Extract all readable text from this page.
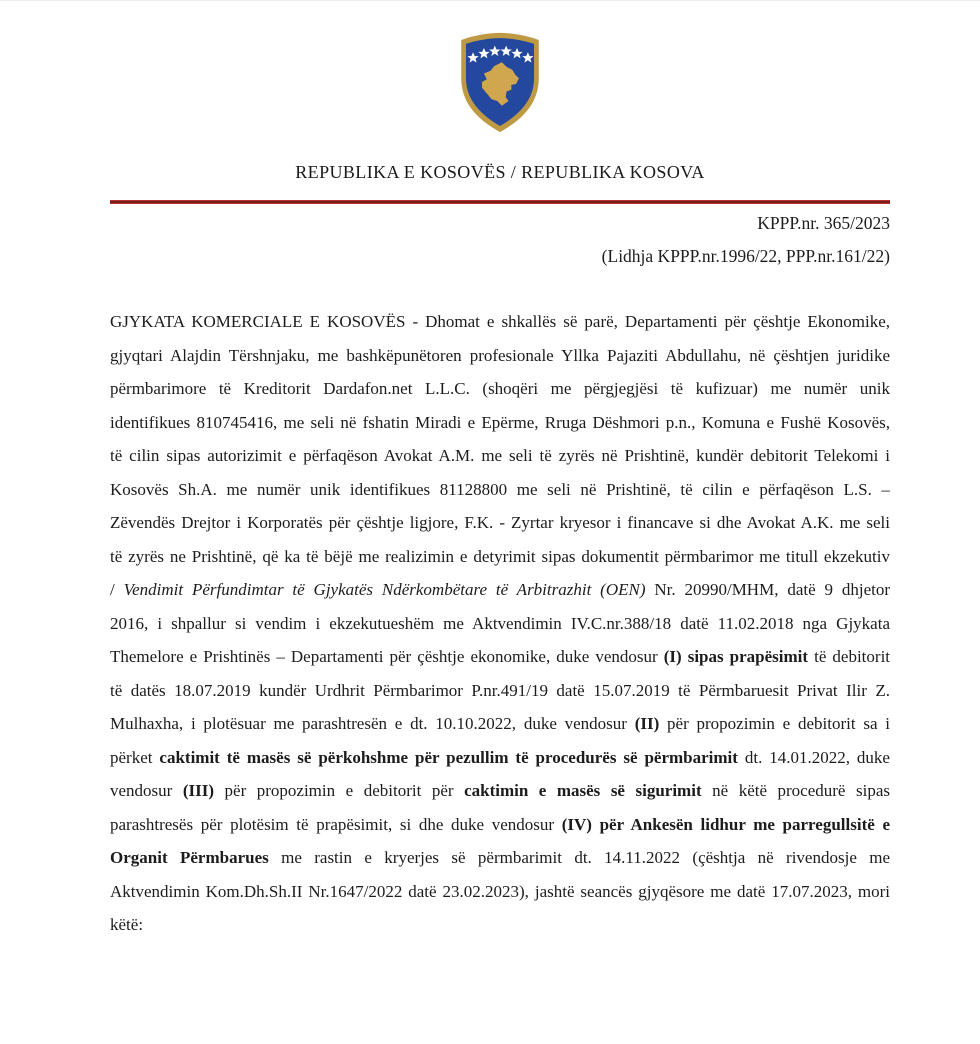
REPUBLIKA E KOSOVËS / REPUBLIKA KOSOVA
KPPP.nr. 365/2023
(Lidhja KPPP.nr.1996/22, PPP.nr.161/22)

GJYKATA KOMERCIALE E KOSOVËS - Dhomat e shkallës së parë, Departamenti për çështje Ekonomike, gjyqtari Alajdin Tërshnjaku, me bashkëpunëtoren profesionale Yllka Pajaziti Abdullahu, në çështjen juridike përmbarimore të Kreditorit Dardafon.net L.L.C. (shoqëri me përgjegjësi të kufizuar) me numër unik identifikues 810745416, me seli në fshatin Miradi e Epërme, Rruga Dëshmori p.n., Komuna e Fushë Kosovës, të cilin sipas autorizimit e përfaqëson Avokat A.M. me seli të zyrës në Prishtinë, kundër debitorit Telekomi i Kosovës Sh.A. me numër unik identifikues 81128800 me seli në Prishtinë, të cilin e përfaqëson L.S. – Zëvendës Drejtor i Korporatës për çështje ligjore, F.K. - Zyrtar kryesor i financave si dhe Avokat A.K. me seli të zyrës ne Prishtinë, që ka të bëjë me realizimin e detyrimit sipas dokumentit përmbarimor me titull ekzekutiv / Vendimit Përfundimtar të Gjykatës Ndërkombëtare të Arbitrazhit (OEN) Nr. 20990/MHM, datë 9 dhjetor 2016, i shpallur si vendim i ekzekutueshëm me Aktvendimin IV.C.nr.388/18 datë 11.02.2018 nga Gjykata Themelore e Prishtinës – Departamenti për çështje ekonomike, duke vendosur (I) sipas prapësimit të debitorit të datës 18.07.2019 kundër Urdhrit Përmbarimor P.nr.491/19 datë 15.07.2019 të Përmbaruesit Privat Ilir Z. Mulhaxha, i plotësuar me parashtresën e dt. 10.10.2022, duke vendosur (II) për propozimin e debitorit sa i përket caktimit të masës së përkohshme për pezullim të procedurës së përmbarimit dt. 14.01.2022, duke vendosur (III) për propozimin e debitorit për caktimin e masës së sigurimit në këtë procedurë sipas parashtresës për plotësim të prapësimit, si dhe duke vendosur (IV) për Ankesën lidhur me parregullsitë e Organit Përmbarues me rastin e kryerjes së përmbarimit dt. 14.11.2022 (çështja në rivendosje me Aktvendimin Kom.Dh.Sh.II Nr.1647/2022 datë 23.02.2023), jashtë seancës gjyqësore me datë 17.07.2023, mori këtë:
